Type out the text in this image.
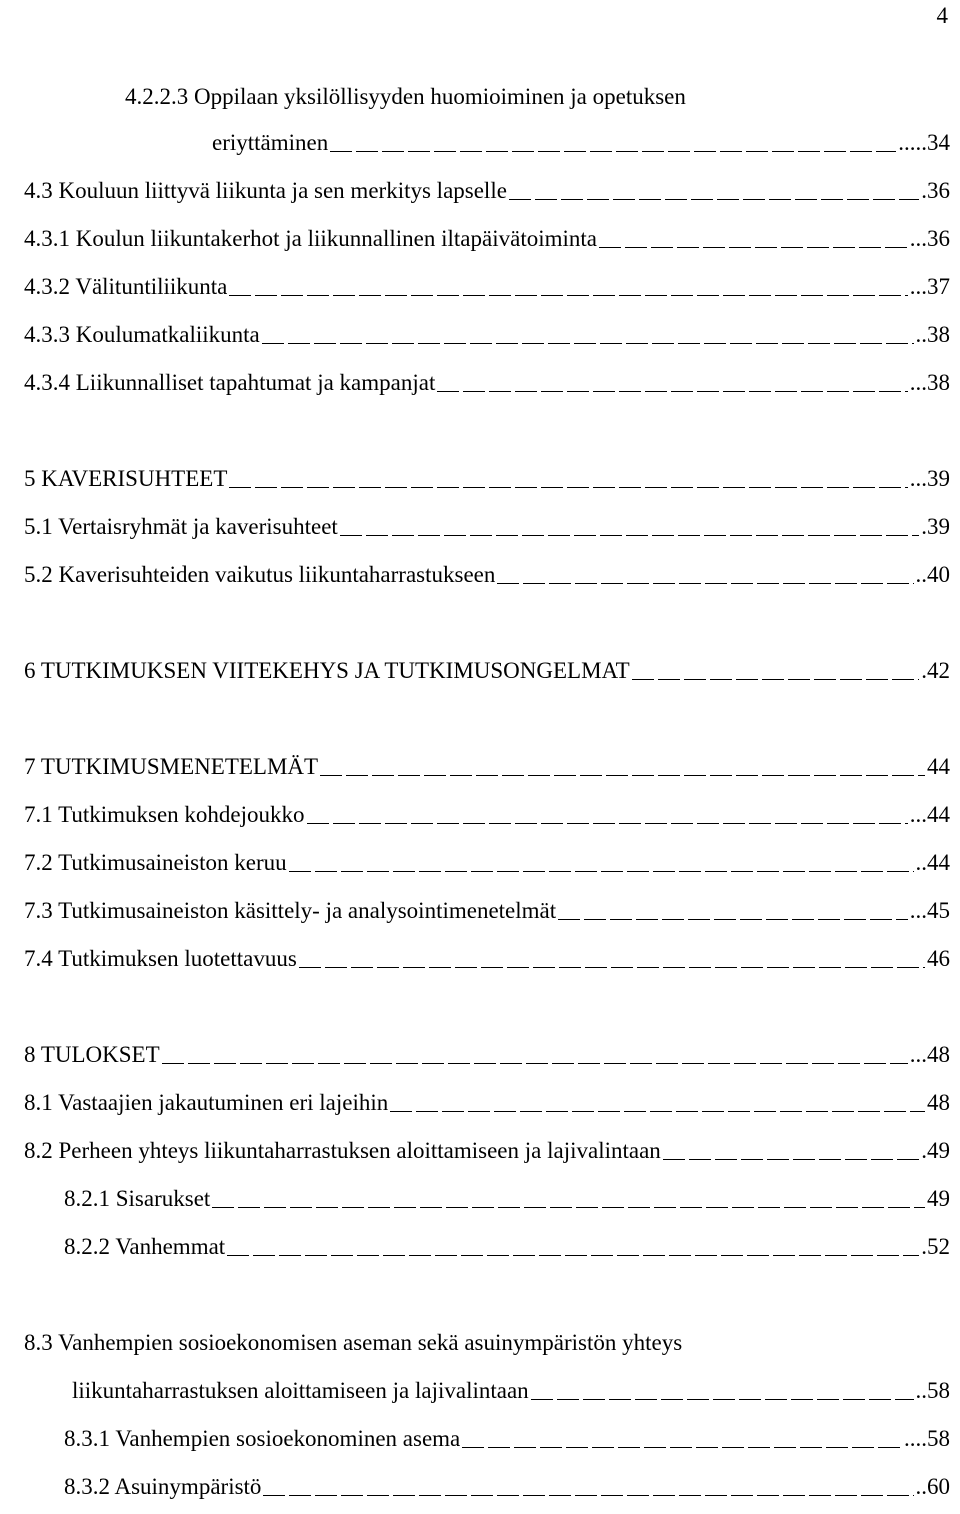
4
4.2.2.3 Oppilaan yksilöllisyyden huomioiminen ja opetuksen
eriyttäminen	.....34
4.3 Kouluun liittyvä liikunta ja sen merkitys lapselle	.36
4.3.1 Koulun liikuntakerhot ja liikunnallinen iltapäivätoiminta	...36
4.3.2 Välituntiliikunta	...37
4.3.3 Koulumatkaliikunta	..38
4.3.4 Liikunnalliset tapahtumat ja kampanjat	...38
5 KAVERISUHTEET	...39
5.1 Vertaisryhmät ja kaverisuhteet	.39
5.2 Kaverisuhteiden vaikutus liikuntaharrastukseen	..40
6 TUTKIMUKSEN VIITEKEHYS JA TUTKIMUSONGELMAT	.42
7 TUTKIMUSMENETELMÄT	44
7.1 Tutkimuksen kohdejoukko	...44
7.2 Tutkimusaineiston keruu	..44
7.3 Tutkimusaineiston käsittely- ja analysointimenetelmät	...45
7.4 Tutkimuksen luotettavuus	46
8 TULOKSET	...48
8.1 Vastaajien jakautuminen eri lajeihin	48
8.2 Perheen yhteys liikuntaharrastuksen aloittamiseen ja lajivalintaan	.49
8.2.1 Sisarukset	49
8.2.2 Vanhemmat	.52
8.3 Vanhempien sosioekonomisen aseman sekä asuinympäristön yhteys
liikuntaharrastuksen aloittamiseen ja lajivalintaan	..58
8.3.1 Vanhempien sosioekonominen asema	....58
8.3.2 Asuinympäristö	..60
